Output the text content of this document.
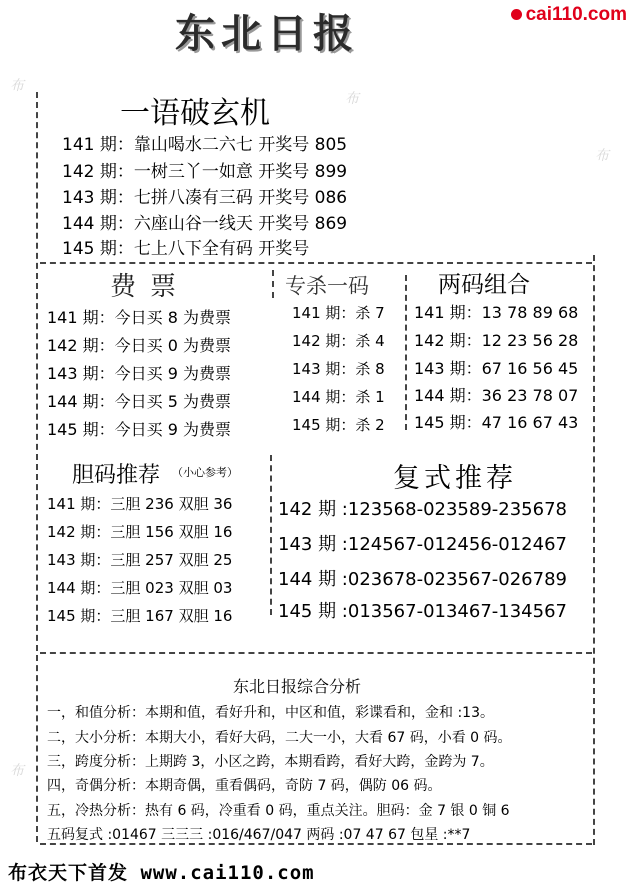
东北日报	cai110.com
布
布
布
布
一语破玄机
141 期：靠山喝水二六七 开奖号 805
142 期：一树三丫一如意 开奖号 899
143 期：七拼八凑有三码 开奖号 086
144 期：六座山谷一线天 开奖号 869
145 期：七上八下全有码 开奖号
费票
141 期：今日买 8 为费票
142 期：今日买 0 为费票
143 期：今日买 9 为费票
144 期：今日买 5 为费票
145 期：今日买 9 为费票
专杀一码
141 期：杀 7
142 期：杀 4
143 期：杀 8
144 期：杀 1
145 期：杀 2
两码组合
141 期：13 78 89 68
142 期：12 23 56 28
143 期：67 16 56 45
144 期：36 23 78 07
145 期：47 16 67 43
胆码推荐 （小心参考）
141 期：三胆 236 双胆 36
142 期：三胆 156 双胆 16
143 期：三胆 257 双胆 25
144 期：三胆 023 双胆 03
145 期：三胆 167 双胆 16
复式推荐
142 期 :123568-023589-235678
143 期 :124567-012456-012467
144 期 :023678-023567-026789
145 期 :013567-013467-134567
东北日报综合分析
一，和值分析：本期和值，看好升和，中区和值，彩谍看和，金和 :13。
二，大小分析：本期大小，看好大码，二大一小，大看 67 码，小看 0 码。
三，跨度分析：上期跨 3，小区之跨，本期看跨，看好大跨，金跨为 7。
四，奇偶分析：本期奇偶，重看偶码，奇防 7 码，偶防 06 码。
五，冷热分析：热有 6 码，冷重看 0 码，重点关注。胆码：金 7 银 0 铜 6
五码复式 :01467 三三三 :016/467/047 两码 :07 47 67 包星 :**7
布衣天下首发 www.cai110.com
